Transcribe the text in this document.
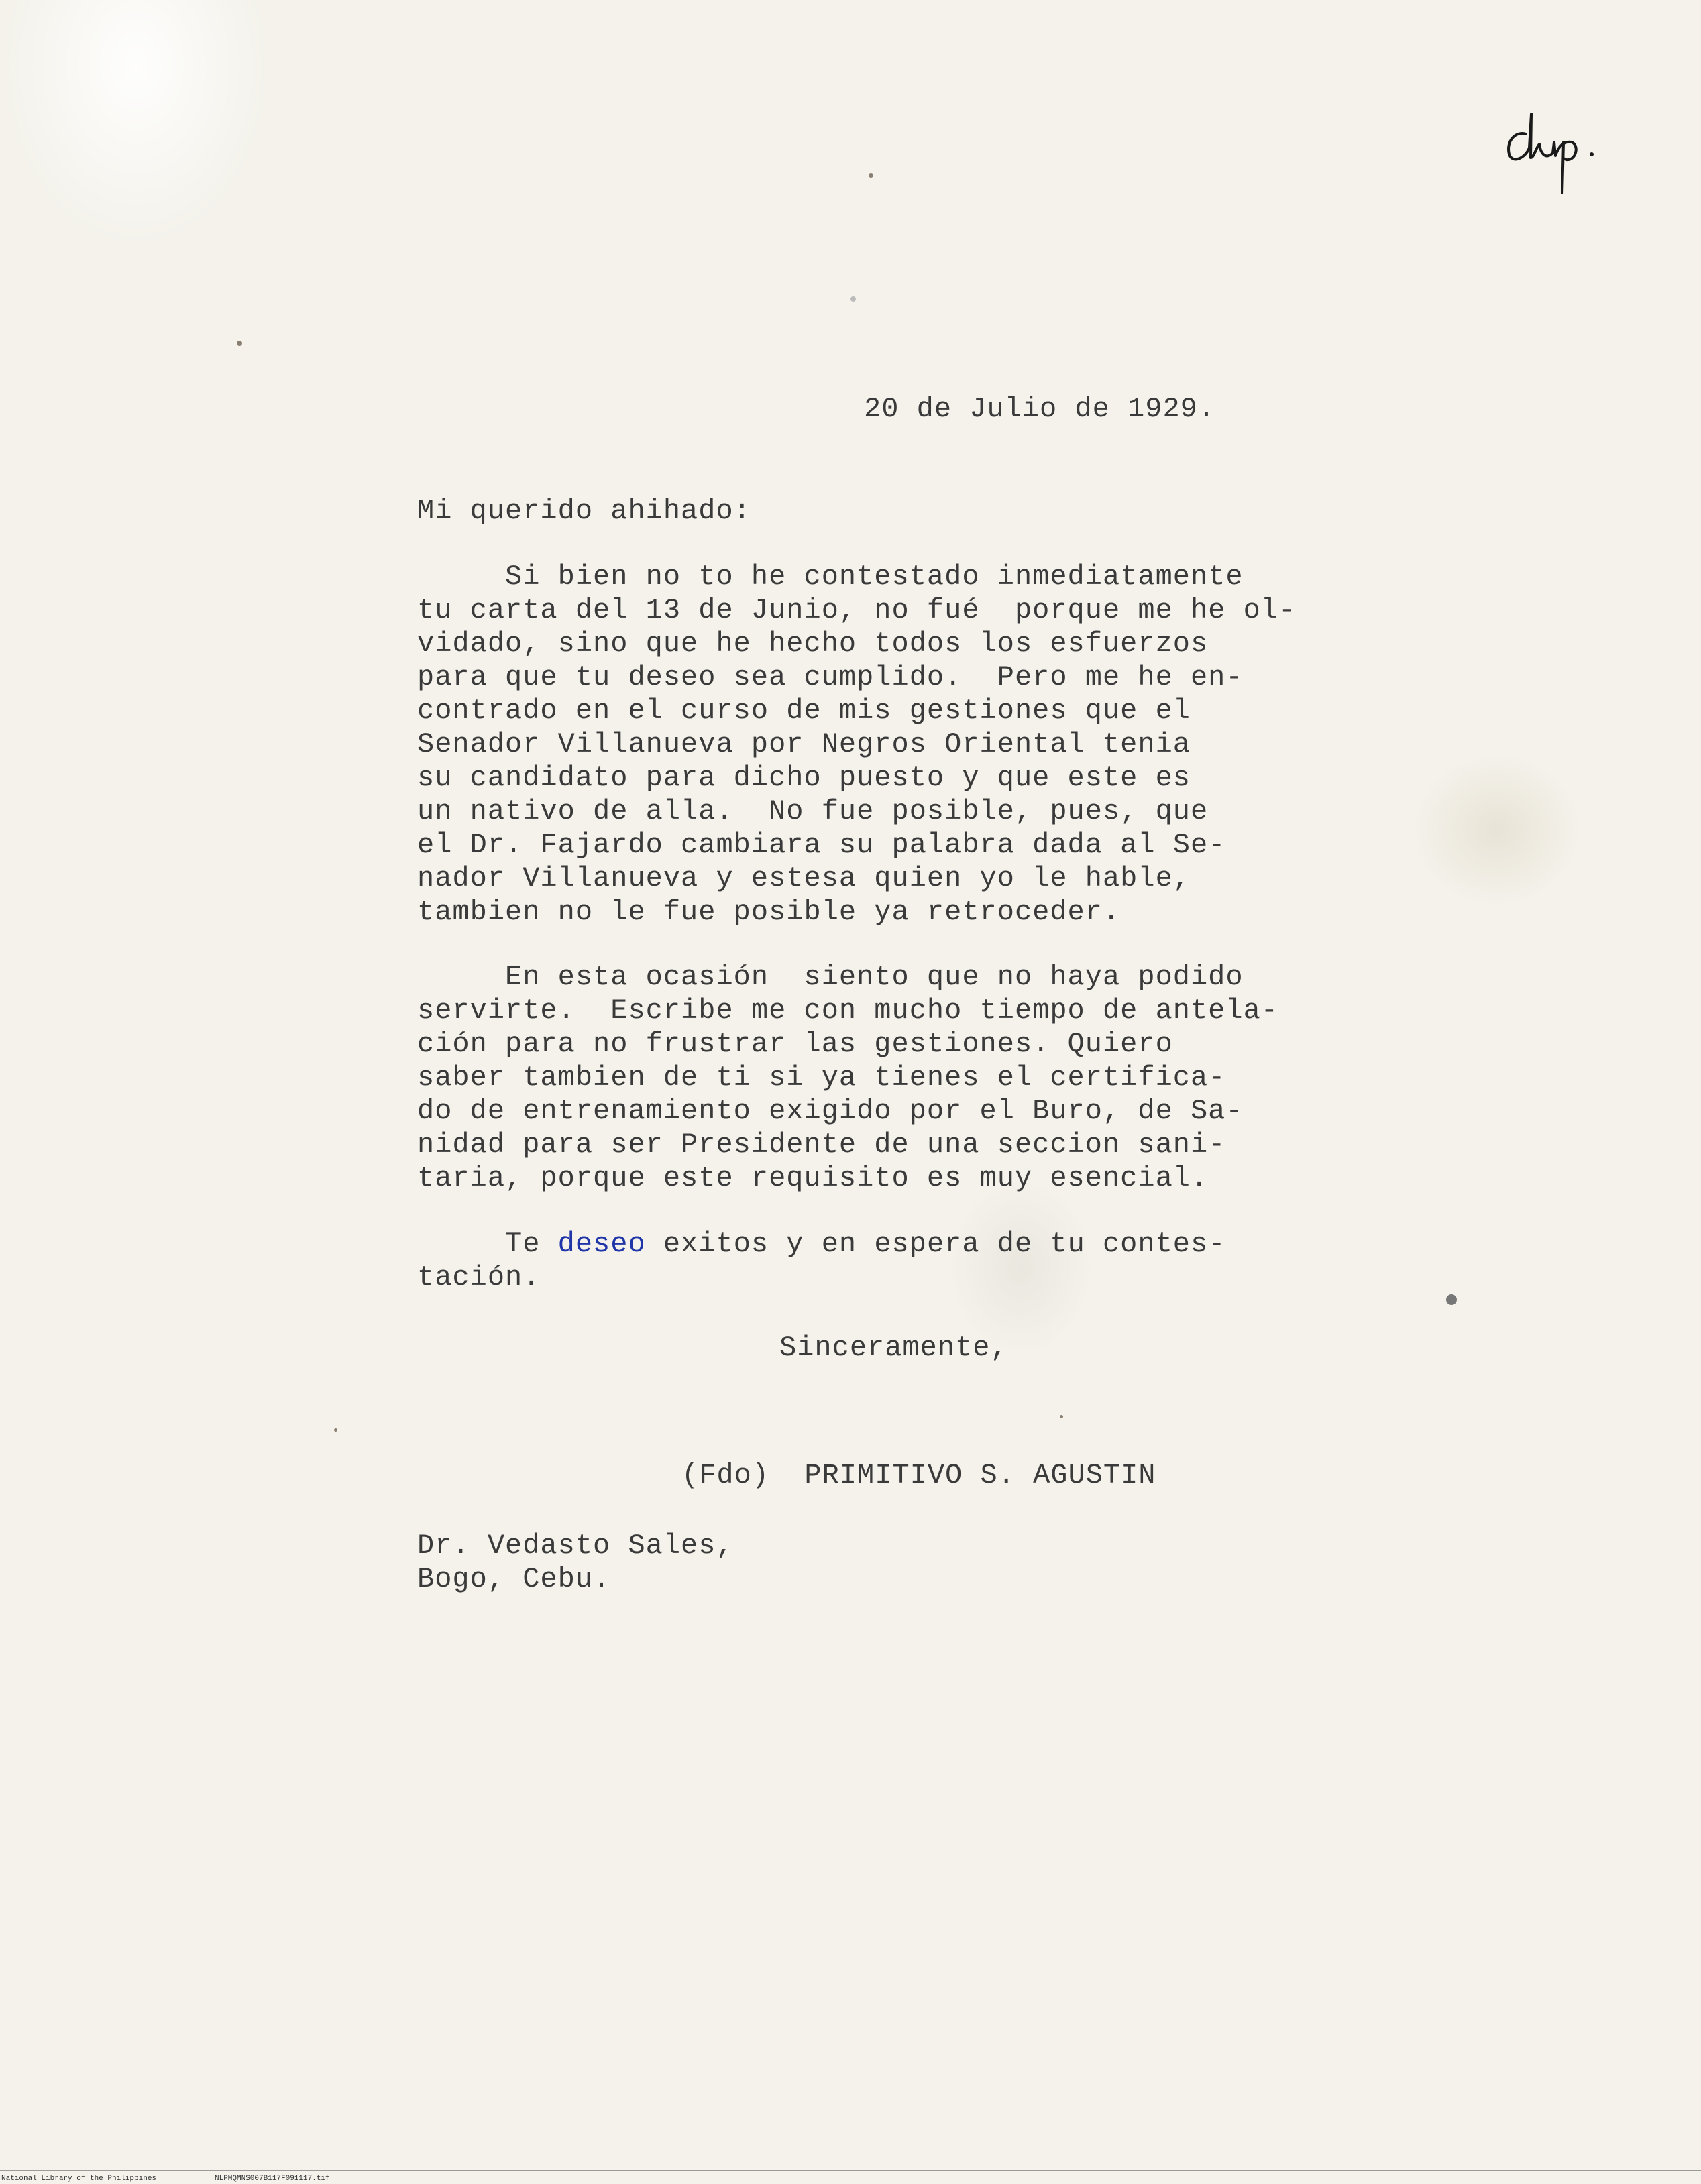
dup.
20 de Julio de 1929.
Mi querido ahihado:
Si bien no to he contestado inmediatamente
tu carta del 13 de Junio, no fué  porque me he ol-
vidado, sino que he hecho todos los esfuerzos
para que tu deseo sea cumplido.  Pero me he en-
contrado en el curso de mis gestiones que el
Senador Villanueva por Negros Oriental tenia
su candidato para dicho puesto y que este es
un nativo de alla.  No fue posible, pues, que
el Dr. Fajardo cambiara su palabra dada al Se-
nador Villanueva y estesa quien yo le hable,
tambien no le fue posible ya retroceder.
En esta ocasión  siento que no haya podido
servirte.  Escribe me con mucho tiempo de antela-
ción para no frustrar las gestiones. Quiero
saber tambien de ti si ya tienes el certifica-
do de entrenamiento exigido por el Buro, de Sa-
nidad para ser Presidente de una seccion sani-
taria, porque este requisito es muy esencial.
Te deseo exitos y en espera de tu contes-
tación.
Sinceramente,
(Fdo)  PRIMITIVO S. AGUSTIN
Dr. Vedasto Sales,
Bogo, Cebu.
National Library of the Philippines	NLPMQMNS007B117F091117.tif
